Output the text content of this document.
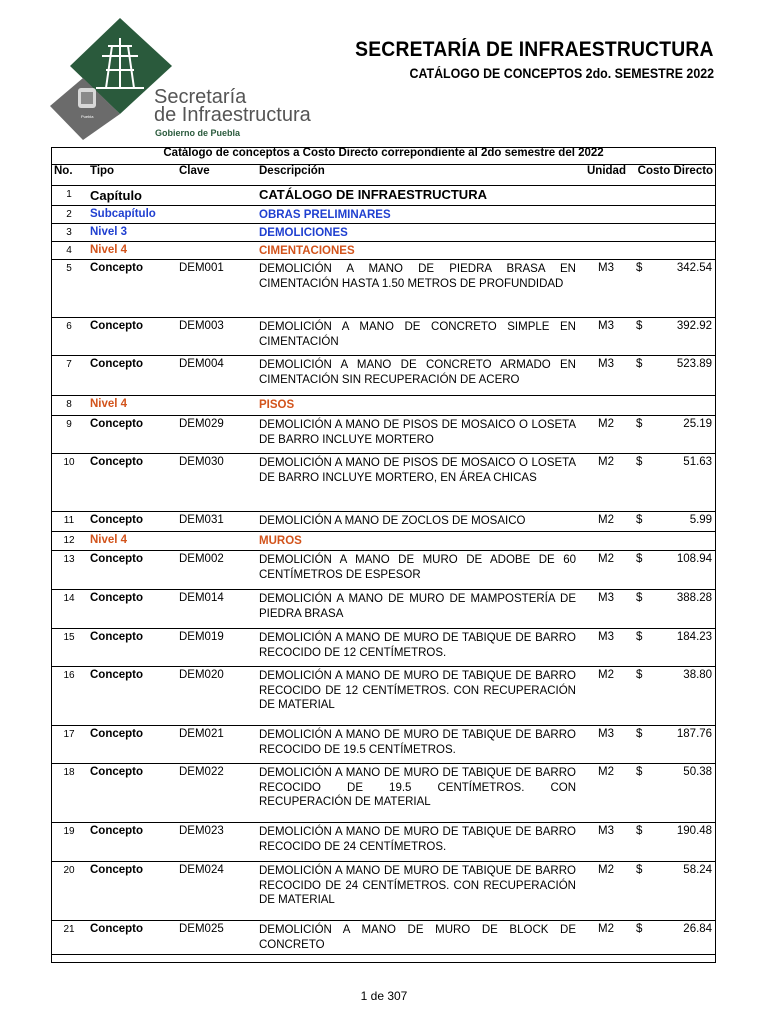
Puebla
Secretaría
de Infraestructura
Gobierno de Puebla
SECRETARÍA DE INFRAESTRUCTURA
CATÁLOGO DE CONCEPTOS 2do. SEMESTRE 2022
Catálogo de conceptos a Costo Directo correpondiente al 2do semestre del 2022						
No.	Tipo	Clave	Descripción	Unidad	Costo Directo	
1	Capítulo		CATÁLOGO DE INFRAESTRUCTURA			
2	Subcapítulo		OBRAS PRELIMINARES			
3	Nivel 3		DEMOLICIONES			
4	Nivel 4		CIMENTACIONES			
5	Concepto	DEM001	DEMOLICIÓN A MANO DE PIEDRA BRASA EN CIMENTACIÓN HASTA 1.50 METROS DE PROFUNDIDAD	M3	$	342.54
6	Concepto	DEM003	DEMOLICIÓN A MANO DE CONCRETO SIMPLE EN CIMENTACIÓN	M3	$	392.92
7	Concepto	DEM004	DEMOLICIÓN A MANO DE CONCRETO ARMADO EN CIMENTACIÓN SIN RECUPERACIÓN DE ACERO	M3	$	523.89
8	Nivel 4		PISOS			
9	Concepto	DEM029	DEMOLICIÓN A MANO DE PISOS DE MOSAICO O LOSETA DE BARRO INCLUYE MORTERO	M2	$	25.19
10	Concepto	DEM030	DEMOLICIÓN A MANO DE PISOS DE MOSAICO O LOSETA DE BARRO INCLUYE MORTERO, EN ÁREA CHICAS	M2	$	51.63
11	Concepto	DEM031	DEMOLICIÓN A MANO DE ZOCLOS DE MOSAICO	M2	$	5.99
12	Nivel 4		MUROS			
13	Concepto	DEM002	DEMOLICIÓN A MANO DE MURO DE ADOBE DE 60 CENTÍMETROS DE ESPESOR	M2	$	108.94
14	Concepto	DEM014	DEMOLICIÓN A MANO DE MURO DE MAMPOSTERÍA DE PIEDRA BRASA	M3	$	388.28
15	Concepto	DEM019	DEMOLICIÓN A MANO DE MURO DE TABIQUE DE BARRO RECOCIDO DE 12 CENTÍMETROS.	M3	$	184.23
16	Concepto	DEM020	DEMOLICIÓN A MANO DE MURO DE TABIQUE DE BARRO RECOCIDO DE 12 CENTÍMETROS. CON RECUPERACIÓN DE MATERIAL	M2	$	38.80
17	Concepto	DEM021	DEMOLICIÓN A MANO DE MURO DE TABIQUE DE BARRO RECOCIDO DE 19.5 CENTÍMETROS.	M3	$	187.76
18	Concepto	DEM022	DEMOLICIÓN A MANO DE MURO DE TABIQUE DE BARRO RECOCIDO DE 19.5 CENTÍMETROS. CON RECUPERACIÓN DE MATERIAL	M2	$	50.38
19	Concepto	DEM023	DEMOLICIÓN A MANO DE MURO DE TABIQUE DE BARRO RECOCIDO DE 24 CENTÍMETROS.	M3	$	190.48
20	Concepto	DEM024	DEMOLICIÓN A MANO DE MURO DE TABIQUE DE BARRO RECOCIDO DE 24 CENTÍMETROS. CON RECUPERACIÓN DE MATERIAL	M2	$	58.24
21	Concepto	DEM025	DEMOLICIÓN A MANO DE MURO DE BLOCK DE CONCRETO	M2	$	26.84
1 de 307
